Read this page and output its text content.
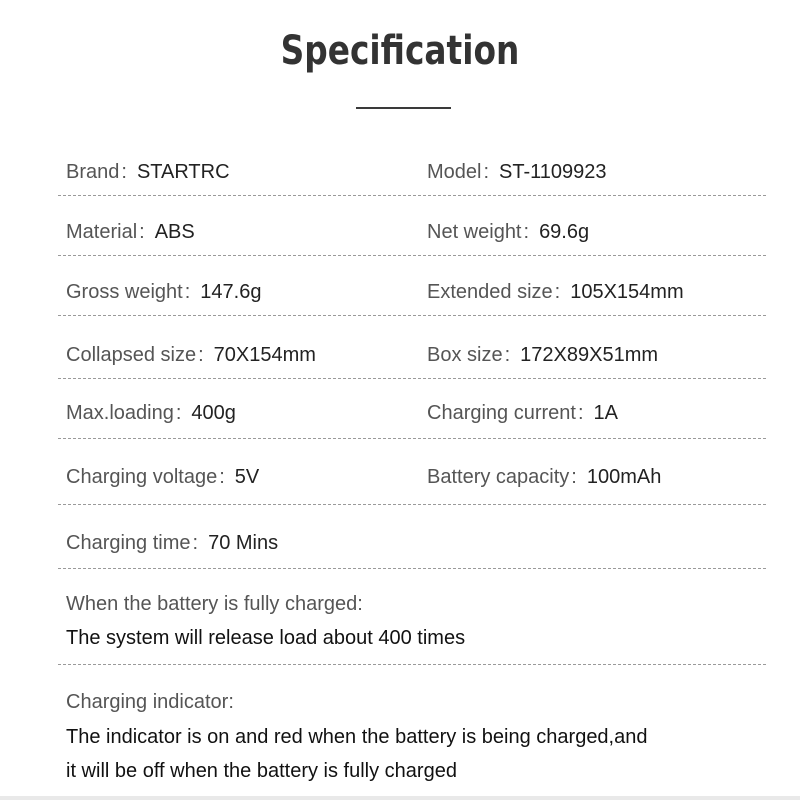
Specification
Brand : STARTRC	Model : ST-1109923
Material : ABS	Net weight : 69.6g
Gross weight : 147.6g	Extended size : 105X154mm
Collapsed size : 70X154mm	Box size : 172X89X51mm
Max.loading : 400g	Charging current : 1A
Charging voltage : 5V	Battery capacity : 100mAh
Charging time : 70 Mins
When the battery is fully charged:
The system will release load about 400 times
Charging indicator:
The indicator is on and red when the battery is being charged,and
it will be off when the battery is fully charged
